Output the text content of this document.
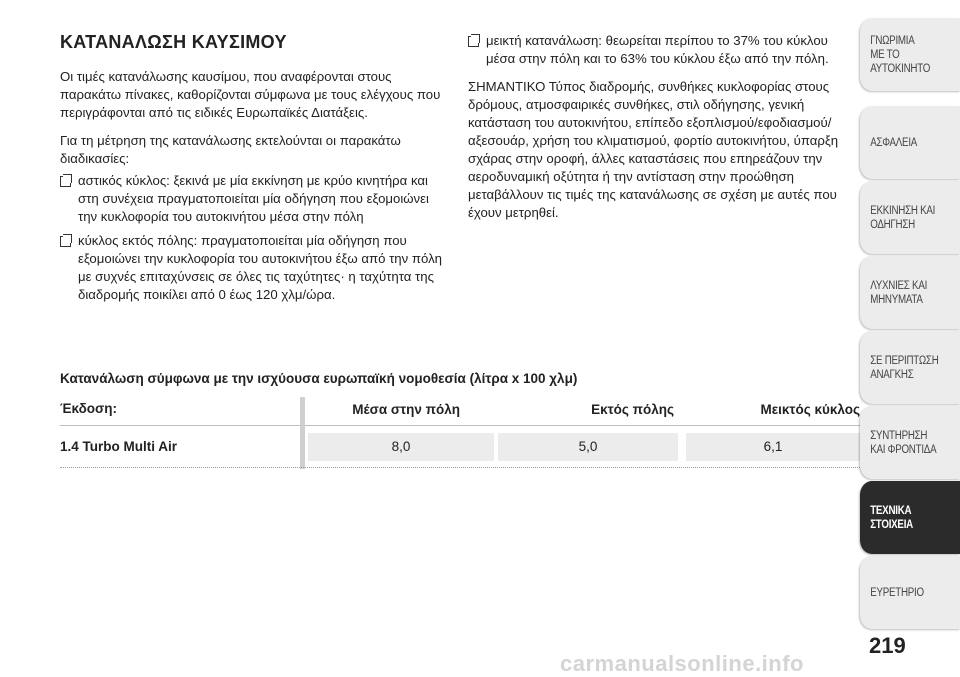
ΚΑΤΑΝΑΛΩΣΗ ΚΑΥΣΙΜΟΥ

Οι τιμές κατανάλωσης καυσίμου, που αναφέρονται στους παρακάτω πίνακες, καθορίζονται σύμφωνα με τους ελέγχους που περιγράφονται από τις ειδικές Ευρωπαϊκές Διατάξεις.

Για τη μέτρηση της κατανάλωσης εκτελούνται οι παρακάτω διαδικασίες:

αστικός κύκλος: ξεκινά με μία εκκίνηση με κρύο κινητήρα και στη συνέχεια πραγματοποιείται μία οδήγηση που εξομοιώνει την κυκλοφορία του αυτοκινήτου μέσα στην πόλη
κύκλος εκτός πόλης: πραγματοποιείται μία οδήγηση που εξομοιώνει την κυκλοφορία του αυτοκινήτου έξω από την πόλη με συχνές επιταχύνσεις σε όλες τις ταχύτητες· η ταχύτητα της διαδρομής ποικίλει από 0 έως 120 χλμ/ώρα.
μεικτή κατανάλωση: θεωρείται περίπου το 37% του κύκλου μέσα στην πόλη και το 63% του κύκλου έξω από την πόλη.

ΣΗΜΑΝΤΙΚΟ Τύπος διαδρομής, συνθήκες κυκλοφορίας στους δρόμους, ατμοσφαιρικές συνθήκες, στιλ οδήγησης, γενική κατάσταση του αυτοκινήτου, επίπεδο εξοπλισμού/εφοδιασμού/αξεσουάρ, χρήση του κλιματισμού, φορτίο αυτοκινήτου, ύπαρξη σχάρας στην οροφή, άλλες καταστάσεις που επηρεάζουν την αεροδυναμική οξύτητα ή την αντίσταση στην προώθηση μεταβάλλουν τις τιμές της κατανάλωσης σε σχέση με αυτές που έχουν μετρηθεί.

Κατανάλωση σύμφωνα με την ισχύουσα ευρωπαϊκή νομοθεσία (λίτρα x 100 χλμ)
Έκδοση:	Μέσα στην πόλη	Εκτός πόλης	Μεικτός κύκλος
1.4 Turbo Multi Air	8,0	5,0	6,1
ΓΝΩΡΙΜΙΑ
ΜΕ ΤΟ
ΑΥΤΟΚΙΝΗΤΟ
ΑΣΦΑΛΕΙΑ
ΕΚΚΙΝΗΣΗ ΚΑΙ
ΟΔΗΓΗΣΗ
ΛΥΧΝΙΕΣ ΚΑΙ
ΜΗΝΥΜΑΤΑ
ΣΕ ΠΕΡΙΠΤΩΣΗ
ΑΝΑΓΚΗΣ
ΣΥΝΤΗΡΗΣΗ
ΚΑΙ ΦΡΟΝΤΙΔΑ
ΤΕΧΝΙΚΑ
ΣΤΟΙΧΕΙΑ
ΕΥΡΕΤΗΡΙΟ
219
carmanualsonline.info
